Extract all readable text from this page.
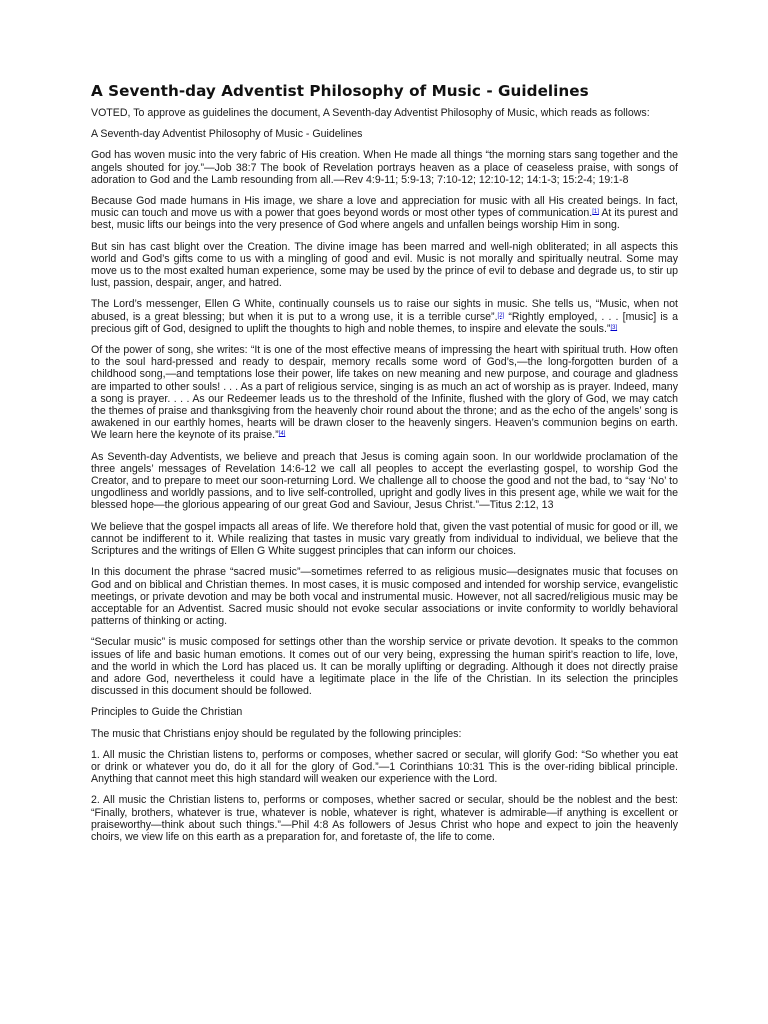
A Seventh-day Adventist Philosophy of Music - Guidelines

VOTED, To approve as guidelines the document, A Seventh-day Adventist Philosophy of Music, which reads as follows:

A Seventh-day Adventist Philosophy of Music - Guidelines

God has woven music into the very fabric of His creation. When He made all things “the morning stars sang together and the angels shouted for joy.”—Job 38:7 The book of Revelation portrays heaven as a place of ceaseless praise, with songs of adoration to God and the Lamb resounding from all.—Rev 4:9-11; 5:9-13; 7:10-12; 12:10-12; 14:1-3; 15:2-4; 19:1-8

Because God made humans in His image, we share a love and appreciation for music with all His created beings. In fact, music can touch and move us with a power that goes beyond words or most other types of communication.[1] At its purest and best, music lifts our beings into the very presence of God where angels and unfallen beings worship Him in song.

But sin has cast blight over the Creation. The divine image has been marred and well-nigh obliterated; in all aspects this world and God’s gifts come to us with a mingling of good and evil. Music is not morally and spiritually neutral. Some may move us to the most exalted human experience, some may be used by the prince of evil to debase and degrade us, to stir up lust, passion, despair, anger, and hatred.

The Lord’s messenger, Ellen G White, continually counsels us to raise our sights in music. She tells us, “Music, when not abused, is a great blessing; but when it is put to a wrong use, it is a terrible curse”.[2] “Rightly employed, . . . [music] is a precious gift of God, designed to uplift the thoughts to high and noble themes, to inspire and elevate the souls.”[3]

Of the power of song, she writes: “It is one of the most effective means of impressing the heart with spiritual truth. How often to the soul hard-pressed and ready to despair, memory recalls some word of God’s,—the long-forgotten burden of a childhood song,—and temptations lose their power, life takes on new meaning and new purpose, and courage and gladness are imparted to other souls! . . . As a part of religious service, singing is as much an act of worship as is prayer. Indeed, many a song is prayer. . . . As our Redeemer leads us to the threshold of the Infinite, flushed with the glory of God, we may catch the themes of praise and thanksgiving from the heavenly choir round about the throne; and as the echo of the angels’ song is awakened in our earthly homes, hearts will be drawn closer to the heavenly singers. Heaven’s communion begins on earth. We learn here the keynote of its praise.”[4]

As Seventh-day Adventists, we believe and preach that Jesus is coming again soon. In our worldwide proclamation of the three angels’ messages of Revelation 14:6-12 we call all peoples to accept the everlasting gospel, to worship God the Creator, and to prepare to meet our soon-returning Lord. We challenge all to choose the good and not the bad, to “say ‘No’ to ungodliness and worldly passions, and to live self-controlled, upright and godly lives in this present age, while we wait for the blessed hope—the glorious appearing of our great God and Saviour, Jesus Christ.”—Titus 2:12, 13

We believe that the gospel impacts all areas of life. We therefore hold that, given the vast potential of music for good or ill, we cannot be indifferent to it. While realizing that tastes in music vary greatly from individual to individual, we believe that the Scriptures and the writings of Ellen G White suggest principles that can inform our choices.

In this document the phrase “sacred music”—sometimes referred to as religious music—designates music that focuses on God and on biblical and Christian themes. In most cases, it is music composed and intended for worship service, evangelistic meetings, or private devotion and may be both vocal and instrumental music. However, not all sacred/religious music may be acceptable for an Adventist. Sacred music should not evoke secular associations or invite conformity to worldly behavioral patterns of thinking or acting.

“Secular music” is music composed for settings other than the worship service or private devotion. It speaks to the common issues of life and basic human emotions. It comes out of our very being, expressing the human spirit’s reaction to life, love, and the world in which the Lord has placed us. It can be morally uplifting or degrading. Although it does not directly praise and adore God, nevertheless it could have a legitimate place in the life of the Christian. In its selection the principles discussed in this document should be followed.

Principles to Guide the Christian

The music that Christians enjoy should be regulated by the following principles:

1. All music the Christian listens to, performs or composes, whether sacred or secular, will glorify God: “So whether you eat or drink or whatever you do, do it all for the glory of God.”—1 Corinthians 10:31 This is the over-riding biblical principle. Anything that cannot meet this high standard will weaken our experience with the Lord.

2. All music the Christian listens to, performs or composes, whether sacred or secular, should be the noblest and the best: “Finally, brothers, whatever is true, whatever is noble, whatever is right, whatever is admirable—if anything is excellent or praiseworthy—think about such things.”—Phil 4:8 As followers of Jesus Christ who hope and expect to join the heavenly choirs, we view life on this earth as a preparation for, and foretaste of, the life to come.
